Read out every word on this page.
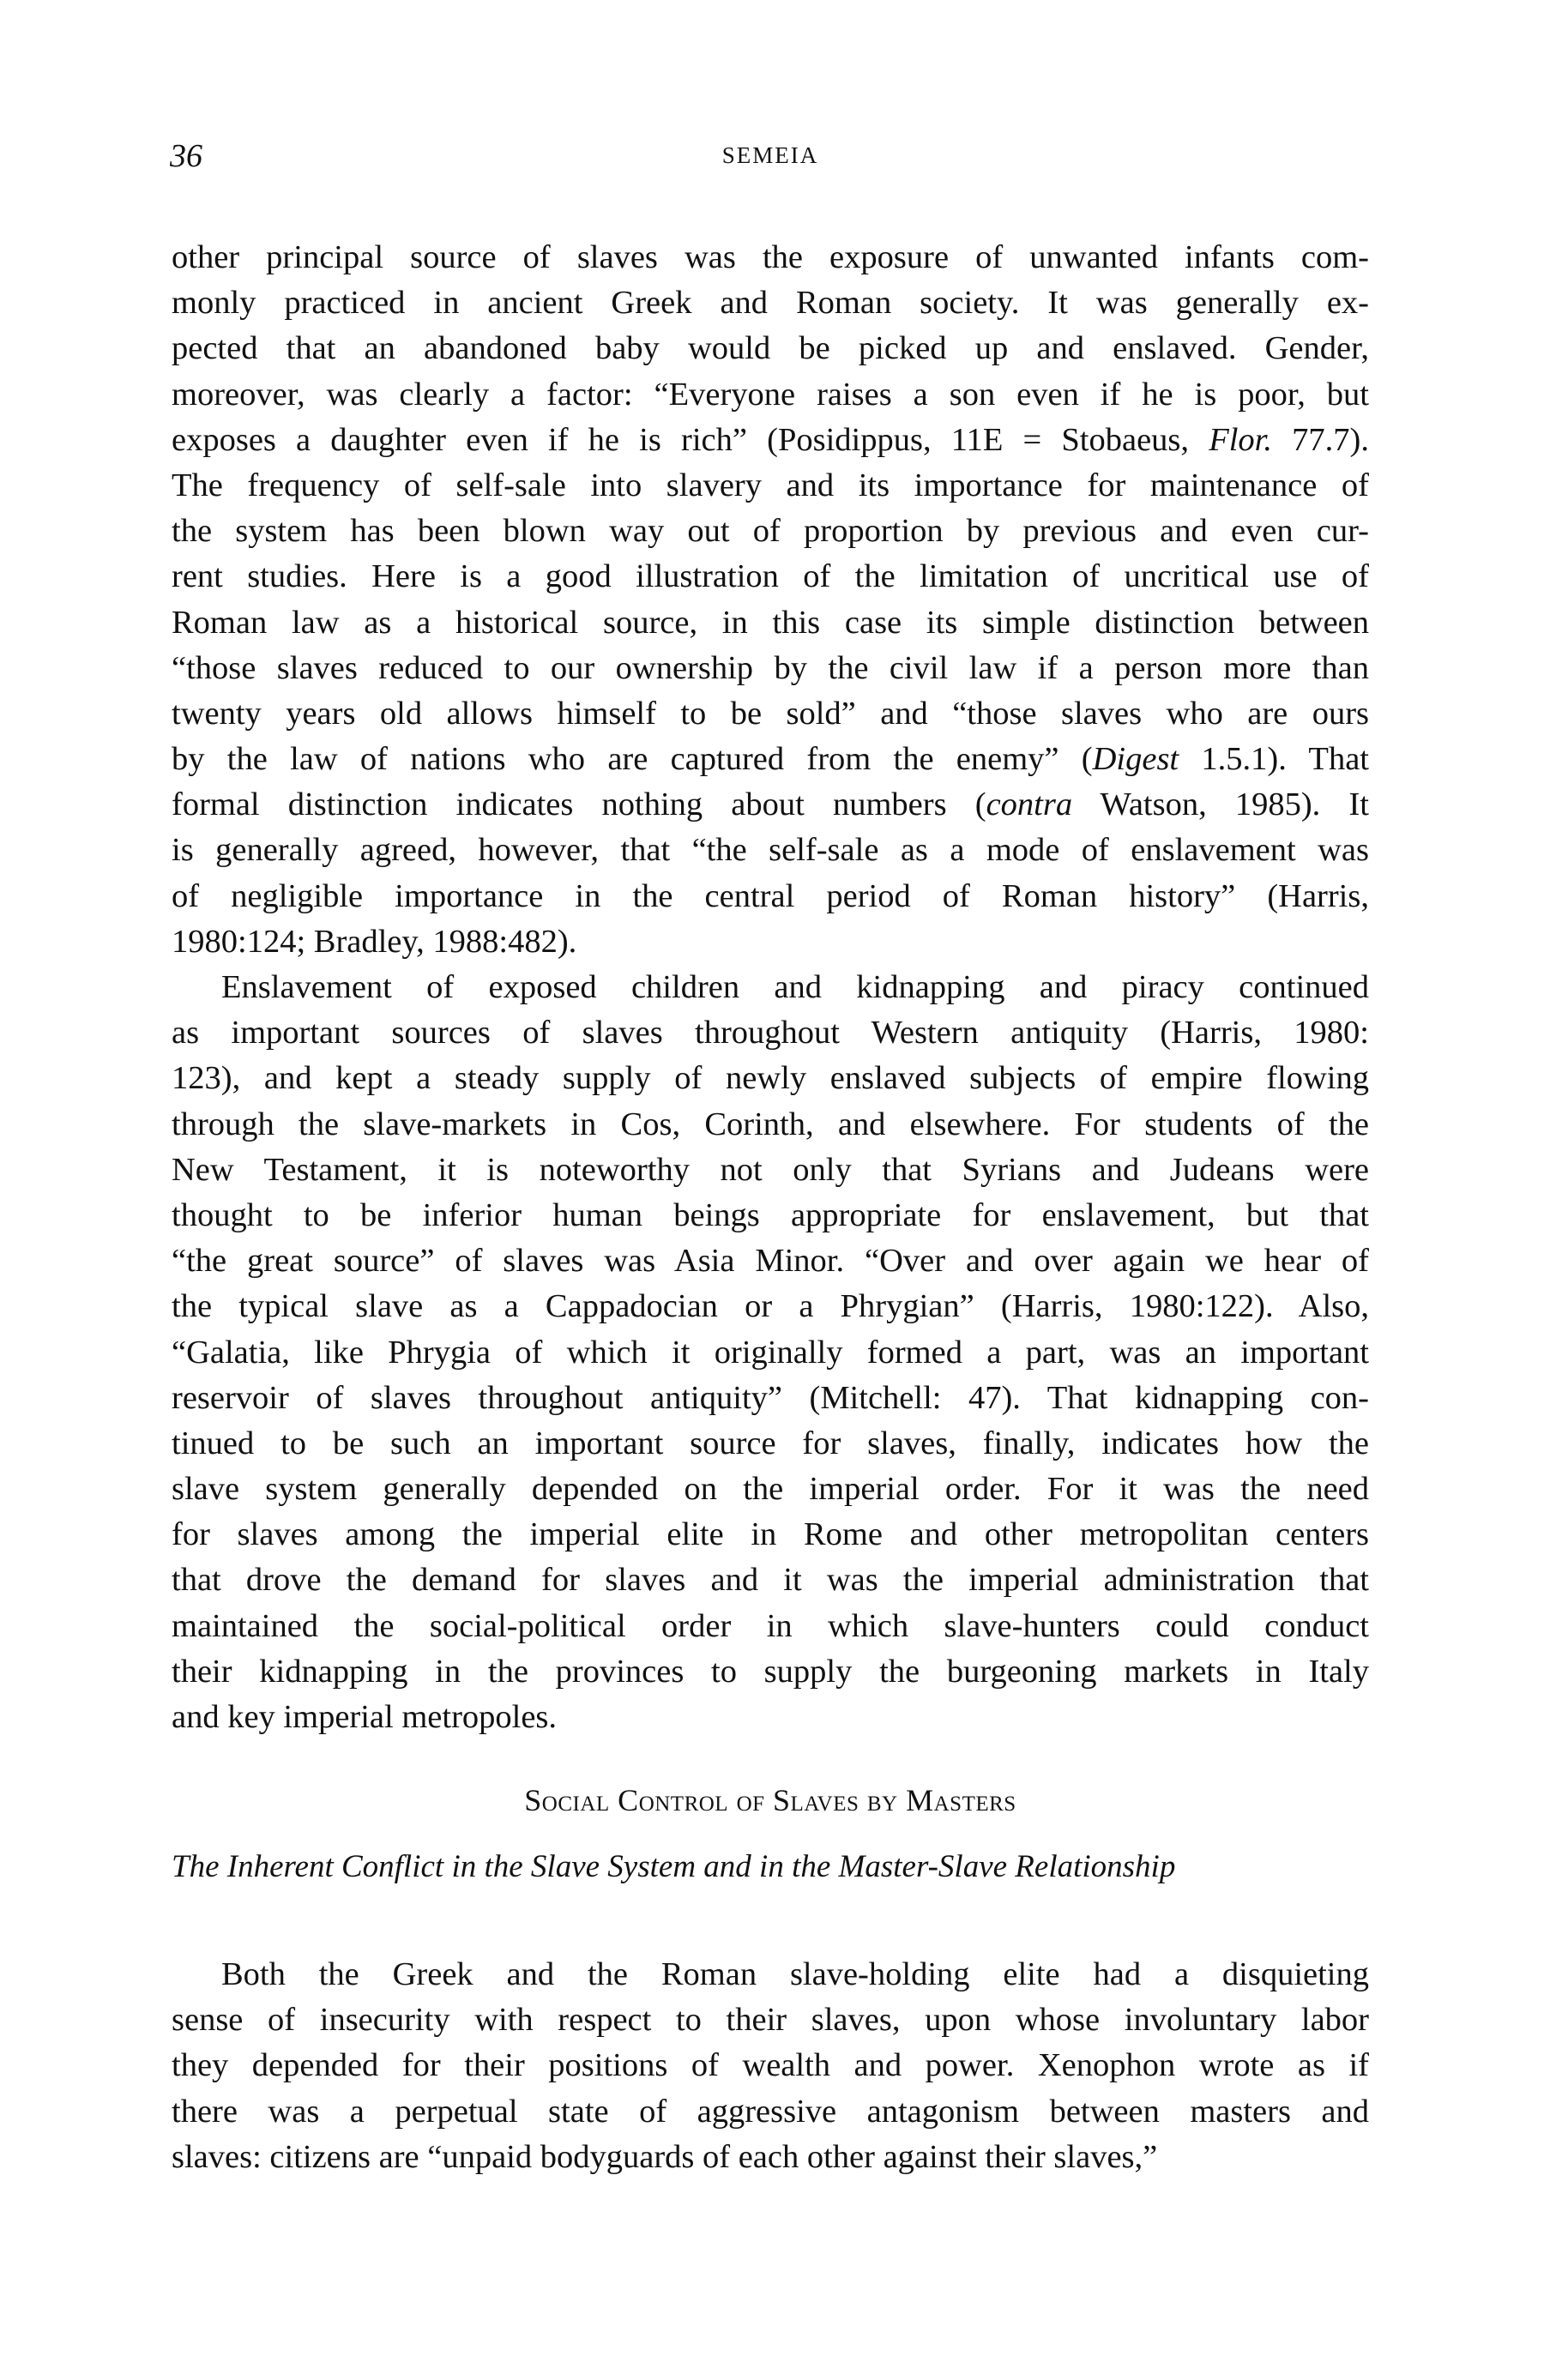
36	SEMEIA

other principal source of slaves was the exposure of unwanted infants com-
monly practiced in ancient Greek and Roman society. It was generally ex-
pected that an abandoned baby would be picked up and enslaved. Gender,
moreover, was clearly a factor: “Everyone raises a son even if he is poor, but
exposes a daughter even if he is rich” (Posidippus, 11E = Stobaeus, Flor. 77.7).
The frequency of self-sale into slavery and its importance for maintenance of
the system has been blown way out of proportion by previous and even cur-
rent studies. Here is a good illustration of the limitation of uncritical use of
Roman law as a historical source, in this case its simple distinction between
“those slaves reduced to our ownership by the civil law if a person more than
twenty years old allows himself to be sold” and “those slaves who are ours
by the law of nations who are captured from the enemy” (Digest 1.5.1). That
formal distinction indicates nothing about numbers (contra Watson, 1985). It
is generally agreed, however, that “the self-sale as a mode of enslavement was
of negligible importance in the central period of Roman history” (Harris,
1980:124; Bradley, 1988:482).

Enslavement of exposed children and kidnapping and piracy continued
as important sources of slaves throughout Western antiquity (Harris, 1980:
123), and kept a steady supply of newly enslaved subjects of empire flowing
through the slave-markets in Cos, Corinth, and elsewhere. For students of the
New Testament, it is noteworthy not only that Syrians and Judeans were
thought to be inferior human beings appropriate for enslavement, but that
“the great source” of slaves was Asia Minor. “Over and over again we hear of
the typical slave as a Cappadocian or a Phrygian” (Harris, 1980:122). Also,
“Galatia, like Phrygia of which it originally formed a part, was an important
reservoir of slaves throughout antiquity” (Mitchell: 47). That kidnapping con-
tinued to be such an important source for slaves, finally, indicates how the
slave system generally depended on the imperial order. For it was the need
for slaves among the imperial elite in Rome and other metropolitan centers
that drove the demand for slaves and it was the imperial administration that
maintained the social-political order in which slave-hunters could conduct
their kidnapping in the provinces to supply the burgeoning markets in Italy
and key imperial metropoles.

Social Control of Slaves by Masters
The Inherent Conflict in the Slave System and in the Master-Slave Relationship

Both the Greek and the Roman slave-holding elite had a disquieting
sense of insecurity with respect to their slaves, upon whose involuntary labor
they depended for their positions of wealth and power. Xenophon wrote as if
there was a perpetual state of aggressive antagonism between masters and
slaves: citizens are “unpaid bodyguards of each other against their slaves,”
